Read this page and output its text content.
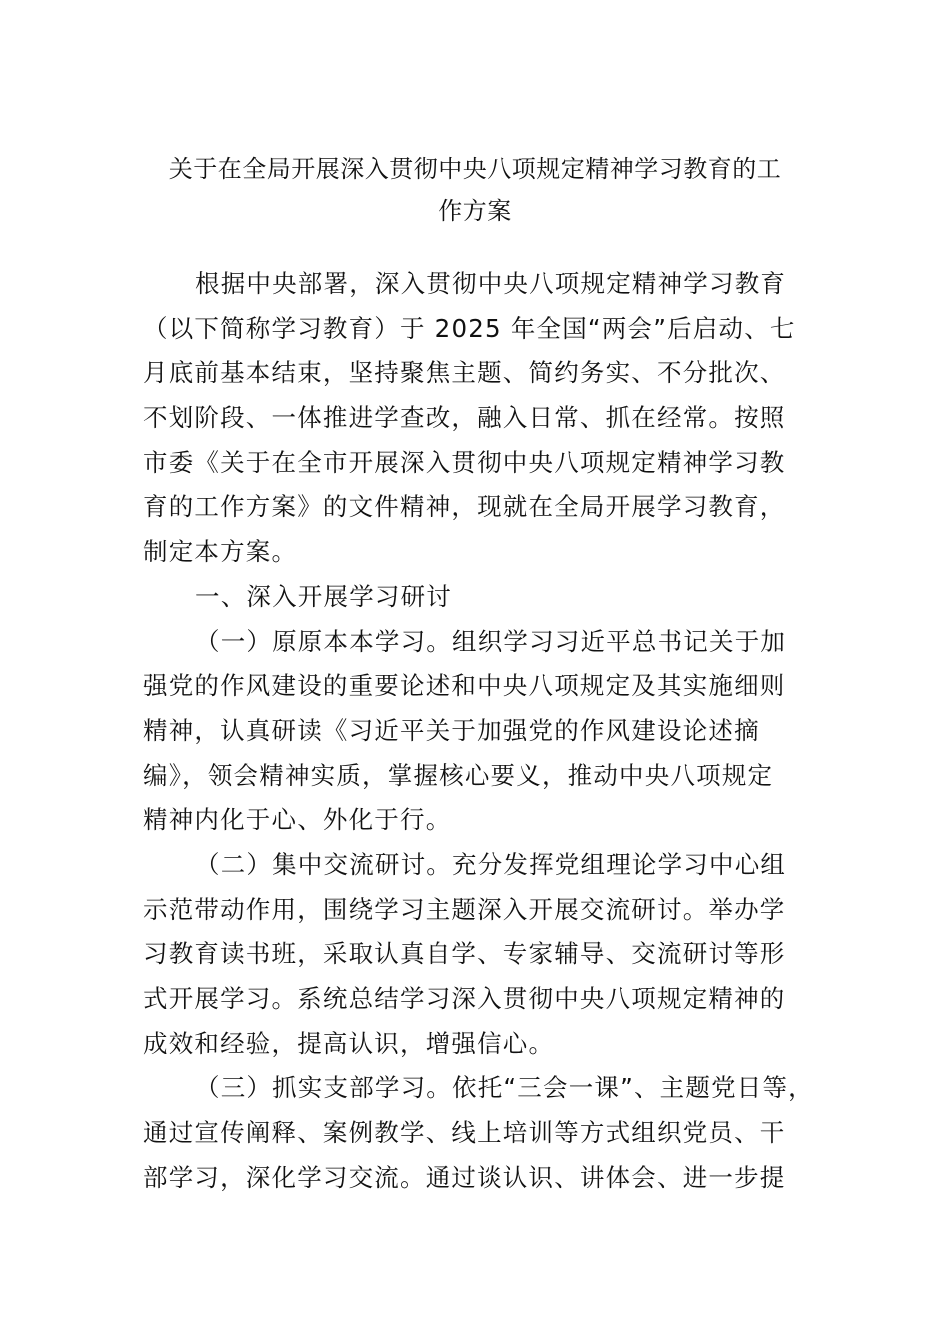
关于在全局开展深入贯彻中央八项规定精神学习教育的工
作方案
根据中央部署，深入贯彻中央八项规定精神学习教育
（以下简称学习教育）于 2025 年全国“两会”后启动、七
月底前基本结束，坚持聚焦主题、简约务实、不分批次、
不划阶段、一体推进学查改，融入日常、抓在经常。按照
市委《关于在全市开展深入贯彻中央八项规定精神学习教
育的工作方案》的文件精神，现就在全局开展学习教育，
制定本方案。
一、深入开展学习研讨
（一）原原本本学习。组织学习习近平总书记关于加
强党的作风建设的重要论述和中央八项规定及其实施细则
精神，认真研读《习近平关于加强党的作风建设论述摘
编》，领会精神实质，掌握核心要义，推动中央八项规定
精神内化于心、外化于行。
（二）集中交流研讨。充分发挥党组理论学习中心组
示范带动作用，围绕学习主题深入开展交流研讨。举办学
习教育读书班，采取认真自学、专家辅导、交流研讨等形
式开展学习。系统总结学习深入贯彻中央八项规定精神的
成效和经验，提高认识，增强信心。
（三）抓实支部学习。依托“三会一课”、主题党日等，
通过宣传阐释、案例教学、线上培训等方式组织党员、干
部学习，深化学习交流。通过谈认识、讲体会、进一步提
